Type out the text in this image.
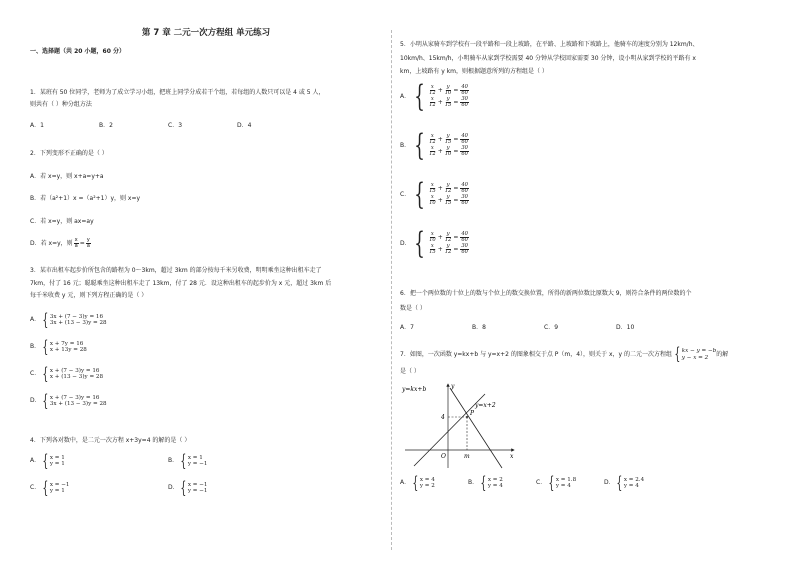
第 7 章 二元一次方程组 单元练习
一、选择题（共 20 小题，60 分）
1．某班有 50 位同学，老师为了成立学习小组，把班上同学分成若干个组，若每组的人数只可以是 4 或 5 人，
则共有（ ）种分组方法
A．1	B．2	C．3	D．4
2．下列变形不正确的是（ ）
A．若 x=y，则 x+a=y+a
B．若（a²+1）x =（a²+1）y，则 x=y
C．若 x=y，则 ax=ay
D．若 x=y，则 $\frac{x}{a} = \frac{y}{a}$
3．某市出租车起步价所包含的路程为 0～3km，超过 3km 的部分按每千米另收费，明明乘坐这种出租车走了
7km，付了 16 元；聪聪乘坐这种出租车走了 13km，付了 28 元．设这种出租车的起步价为 x 元，超过 3km 后
每千米收费 y 元，则下列方程正确的是（ ）
A． { 3x + (7 − 3)y = 16
3x + (13 − 3)y = 28
B． { x + 7y = 16
x + 13y = 28
C． { x + (7 − 3)y = 16
x + (13 − 3)y = 28
D． { x + (7 − 3)y = 16
3x + (13 − 3)y = 28
4．下列各对数中，是二元一次方程 x+3y=4 的解的是（ ）
A． { x = 1
y = 1	B． { x = 1
y = −1
C． { x = −1
y = 1	D． { x = −1
y = −1
5．小明从家骑车到学校有一段平路和一段上坡路，在平路、上坡路和下坡路上，他骑车的速度分别为 12km/h、
10km/h、15km/h，小明骑车从家到学校需要 40 分钟从学校回家需要 30 分钟，设小明从家到学校的平路有 x
km，上坡路有 y km，则根据题意所列的方程组是（ ）
A． { $\frac{x}{12} + \frac{y}{10} = \frac{40}{60}$
$\frac{x}{12} + \frac{y}{15} = \frac{30}{60}$
B． { $\frac{x}{12} + \frac{y}{15} = \frac{40}{60}$
$\frac{x}{12} + \frac{y}{10} = \frac{30}{60}$
C． { $\frac{x}{15} + \frac{y}{12} = \frac{40}{60}$
$\frac{x}{10} + \frac{y}{15} = \frac{30}{60}$
D． { $\frac{x}{10} + \frac{y}{12} = \frac{40}{60}$
$\frac{x}{15} + \frac{y}{12} = \frac{30}{60}$
6．把一个两位数的十位上的数与个位上的数交换位置，所得的新两位数比原数大 9，则符合条件的两位数的个
数是（ ）
A．7	B．8	C．9	D．10
7．如图，一次函数 y=kx+b 与 y=x+2 的图象相交于点 P（m，4），则关于 x，y 的二元一次方程组 { kx − y = −b
y − x = 2	的解
是（ ）
y=kx+b
y=x+2
P
4
O	m	x
y
A． { x = 4
y = 2	B． { x = 2
y = 4	C． { x = 1.8
y = 4	D． { x = 2.4
y = 4
